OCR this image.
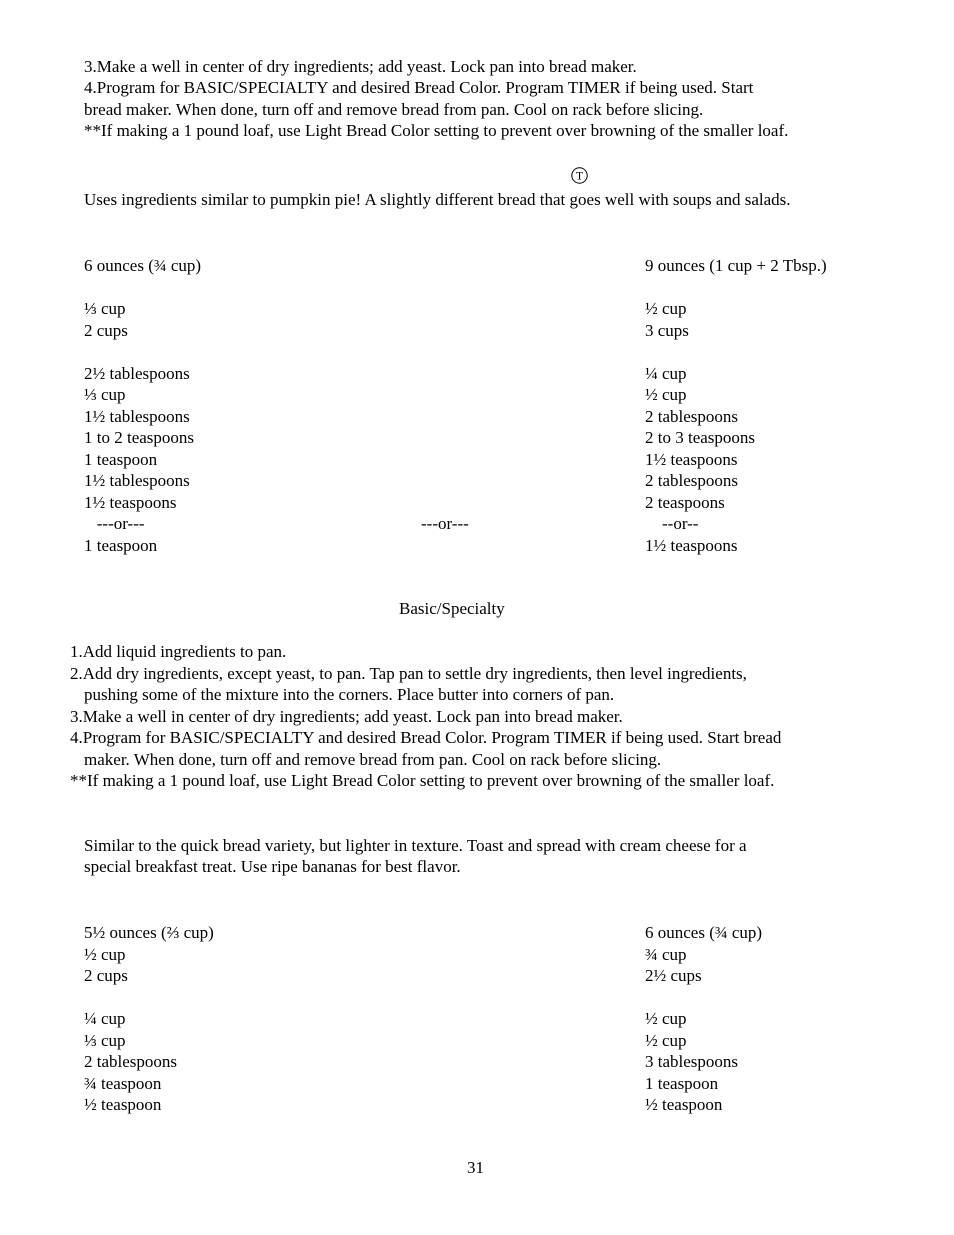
3.Make a well in center of dry ingredients; add yeast. Lock pan into bread maker.
4.Program for BASIC/SPECIALTY and desired Bread Color. Program TIMER if being used. Start
bread maker. When done, turn off and remove bread from pan. Cool on rack before slicing.
**If making a 1 pound loaf, use Light Bread Color setting to prevent over browning of the smaller loaf.
T
Uses ingredients similar to pumpkin pie! A slightly different bread that goes well with soups and salads.
6 ounces (¾ cup)
⅓ cup
2 cups
2½ tablespoons
⅓ cup
1½ tablespoons
1 to 2 teaspoons
1 teaspoon
1½ tablespoons
1½ teaspoons
---or---
1 teaspoon
---or---
9 ounces (1 cup + 2 Tbsp.)
½ cup
3 cups
¼ cup
½ cup
2 tablespoons
2 to 3 teaspoons
1½ teaspoons
2 tablespoons
2 teaspoons
--or--
1½ teaspoons
Basic/Specialty
1.Add liquid ingredients to pan.
2.Add dry ingredients, except yeast, to pan. Tap pan to settle dry ingredients, then level ingredients,
pushing some of the mixture into the corners. Place butter into corners of pan.
3.Make a well in center of dry ingredients; add yeast. Lock pan into bread maker.
4.Program for BASIC/SPECIALTY and desired Bread Color. Program TIMER if being used. Start bread
maker. When done, turn off and remove bread from pan. Cool on rack before slicing.
**If making a 1 pound loaf, use Light Bread Color setting to prevent over browning of the smaller loaf.
Similar to the quick bread variety, but lighter in texture. Toast and spread with cream cheese for a
special breakfast treat. Use ripe bananas for best flavor.
5½ ounces (⅔ cup)
½ cup
2 cups
¼ cup
⅓ cup
2 tablespoons
¾ teaspoon
½ teaspoon
6 ounces (¾ cup)
¾ cup
2½ cups
½ cup
½ cup
3 tablespoons
1 teaspoon
½ teaspoon
31
